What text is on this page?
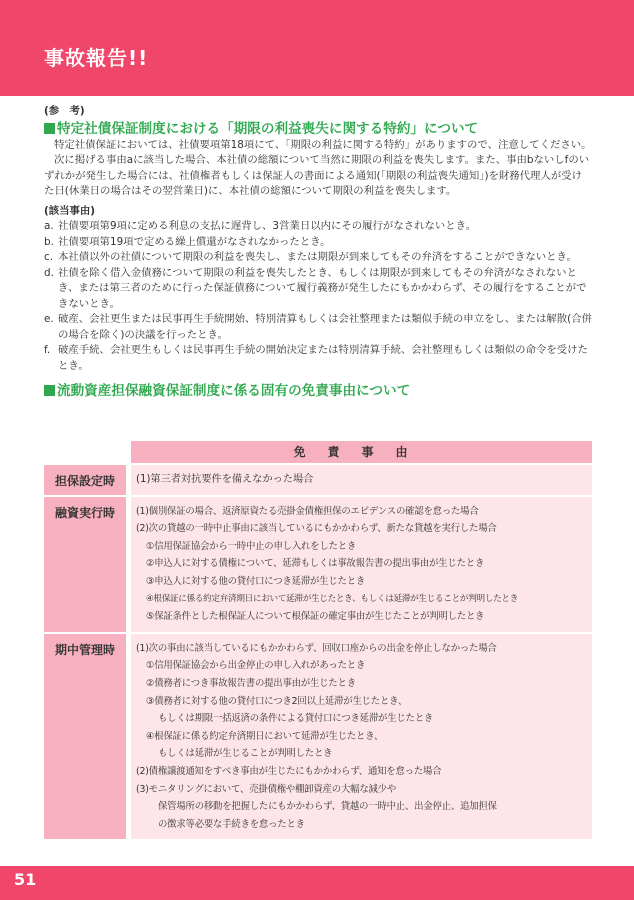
事故報告!!
(参　考)
特定社債保証制度における「期限の利益喪失に関する特約」について

特定社債保証においては、社債要項第18項にて、「期限の利益に関する特約」がありますので、注意してください。

次に掲げる事由aに該当した場合、本社債の総額について当然に期限の利益を喪失します。また、事由bないしfのいずれかが発生した場合には、社債権者もしくは保証人の書面による通知(「期限の利益喪失通知」)を財務代理人が受けた日(休業日の場合はその翌営業日)に、本社債の総額について期限の利益を喪失します。

(該当事由)
a. 社債要項第9項に定める利息の支払に遅背し、3営業日以内にその履行がなされないとき。
b. 社債要項第19項で定める繰上償還がなされなかったとき。
c. 本社債以外の社債について期限の利益を喪失し、または期限が到来してもその弁済をすることができないとき。
d. 社債を除く借入金債務について期限の利益を喪失したとき、もしくは期限が到来してもその弁済がなされないとき、または第三者のために行った保証債務について履行義務が発生したにもかかわらず、その履行をすることができないとき。
e. 破産、会社更生または民事再生手続開始、特別清算もしくは会社整理または類似手続の申立をし、または解散(合併の場合を除く)の決議を行ったとき。
f. 破産手続、会社更生もしくは民事再生手続の開始決定または特別清算手続、会社整理もしくは類似の命令を受けたとき。
流動資産担保融資保証制度に係る固有の免責事由について
免責事由
担保設定時	(1)第三者対抗要件を備えなかった場合

融資実行時	(1)個別保証の場合、返済原資たる売掛金債権担保のエビデンスの確認を怠った場合

(2)次の貸越の一時中止事由に該当しているにもかかわらず、新たな貸越を実行した場合

①信用保証協会から一時中止の申し入れをしたとき

②申込人に対する債権について、延滞もしくは事故報告書の提出事由が生じたとき

③申込人に対する他の貸付口につき延滞が生じたとき

④根保証に係る約定弁済期日において延滞が生じたとき、もしくは延滞が生じることが判明したとき

⑤保証条件とした根保証人について根保証の確定事由が生じたことが判明したとき

期中管理時	(1)次の事由に該当しているにもかかわらず、回収口座からの出金を停止しなかった場合

①信用保証協会から出金停止の申し入れがあったとき

②債務者につき事故報告書の提出事由が生じたとき

③債務者に対する他の貸付口につき2回以上延滞が生じたとき、

もしくは期限一括返済の条件による貸付口につき延滞が生じたとき

④根保証に係る約定弁済期日において延滞が生じたとき、

もしくは延滞が生じることが判明したとき

(2)債権譲渡通知をすべき事由が生じたにもかかわらず、通知を怠った場合

(3)モニタリングにおいて、売掛債権や棚卸資産の大幅な減少や

保管場所の移動を把握したにもかかわらず、貸越の一時中止、出金停止、追加担保

の徴求等必要な手続きを怠ったとき

51
